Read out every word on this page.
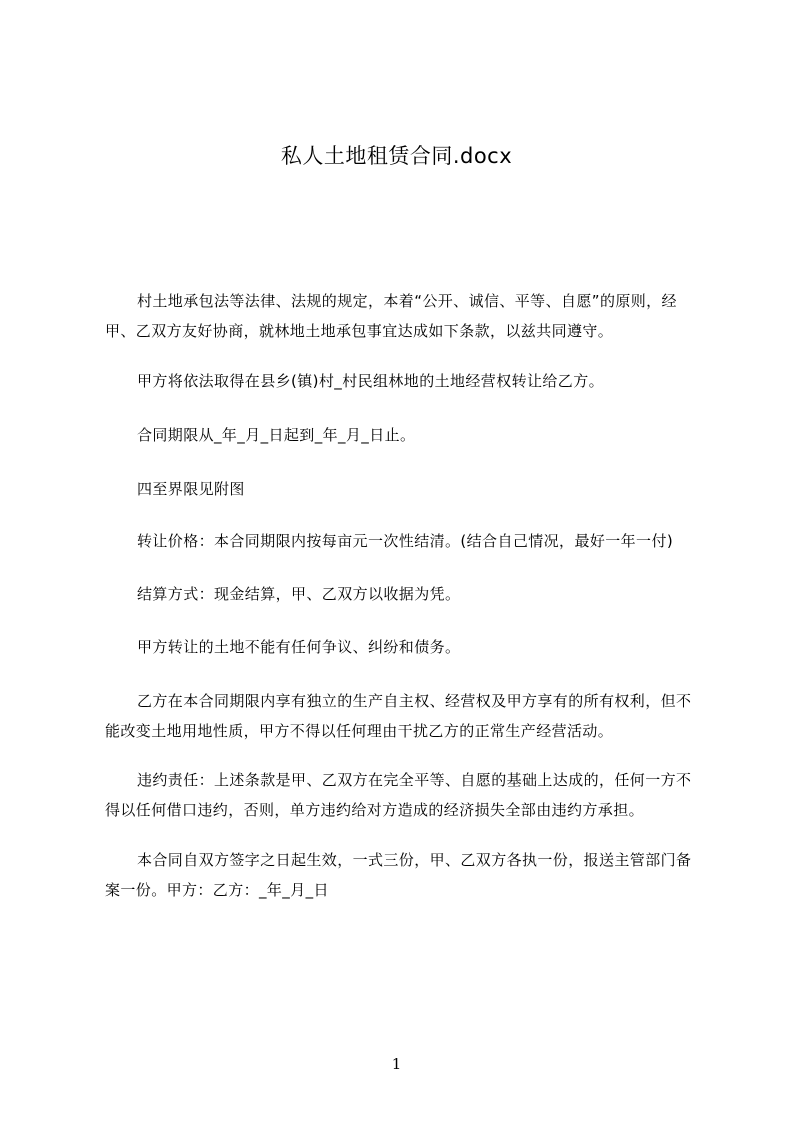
私人土地租赁合同.docx
村土地承包法等法律、法规的规定，本着“公开、诚信、平等、自愿”的原则，经甲、乙双方友好协商，就林地土地承包事宜达成如下条款，以兹共同遵守。
甲方将依法取得在县乡(镇)村_村民组林地的土地经营权转让给乙方。
合同期限从_年_月_日起到_年_月_日止。
四至界限见附图
转让价格：本合同期限内按每亩元一次性结清。(结合自己情况，最好一年一付)
结算方式：现金结算，甲、乙双方以收据为凭。
甲方转让的土地不能有任何争议、纠纷和债务。
乙方在本合同期限内享有独立的生产自主权、经营权及甲方享有的所有权利，但不能改变土地用地性质，甲方不得以任何理由干扰乙方的正常生产经营活动。
违约责任：上述条款是甲、乙双方在完全平等、自愿的基础上达成的，任何一方不得以任何借口违约，否则，单方违约给对方造成的经济损失全部由违约方承担。
本合同自双方签字之日起生效，一式三份，甲、乙双方各执一份，报送主管部门备案一份。甲方：乙方：_年_月_日
1
